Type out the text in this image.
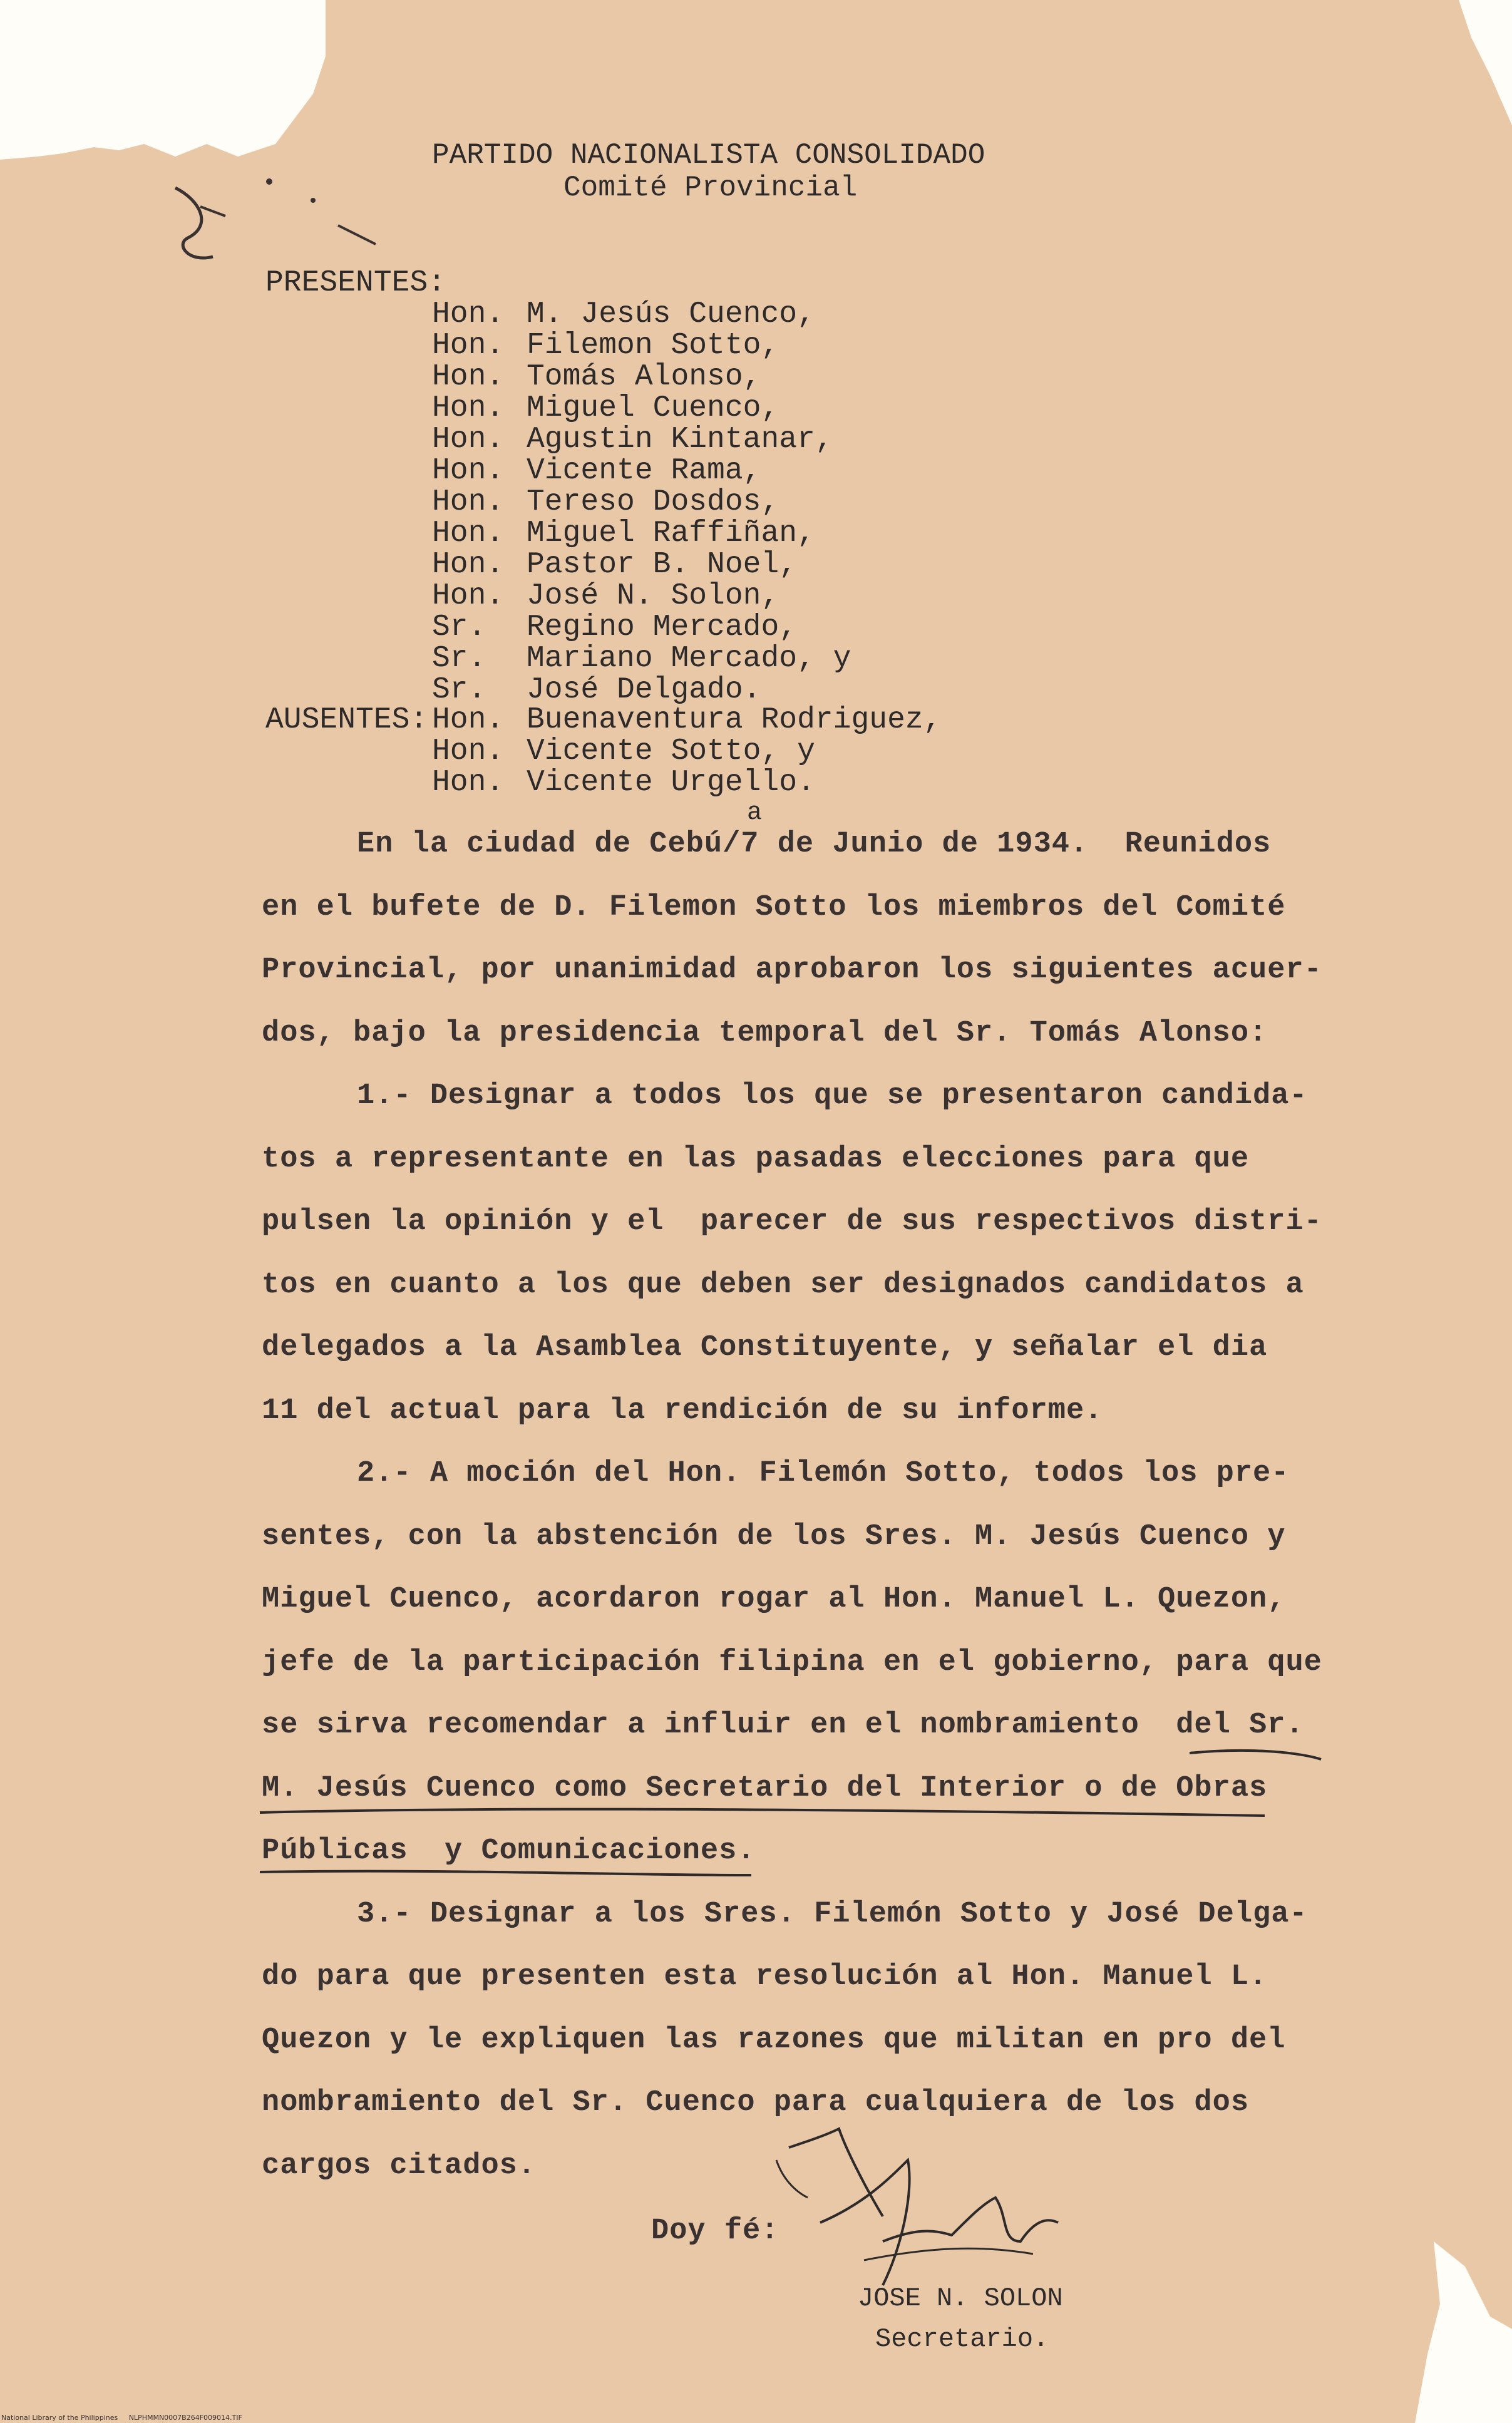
PARTIDO NACIONALISTA CONSOLIDADO
Comité Provincial
PRESENTES:
Hon. M. Jesús Cuenco,
Hon. Filemon Sotto,
Hon. Tomás Alonso,
Hon. Miguel Cuenco,
Hon. Agustin Kintanar,
Hon. Vicente Rama,
Hon. Tereso Dosdos,
Hon. Miguel Raffiñan,
Hon. Pastor B. Noel,
Hon. José N. Solon,
Sr. Regino Mercado,
Sr. Mariano Mercado, y
Sr. José Delgado.
AUSENTES: Hon. Buenaventura Rodriguez,
Hon. Vicente Sotto, y
Hon. Vicente Urgello.
a
En la ciudad de Cebú/7 de Junio de 1934.  Reunidos
en el bufete de D. Filemon Sotto los miembros del Comité
Provincial, por unanimidad aprobaron los siguientes acuer-
dos, bajo la presidencia temporal del Sr. Tomás Alonso:
1.- Designar a todos los que se presentaron candida-
tos a representante en las pasadas elecciones para que
pulsen la opinión y el  parecer de sus respectivos distri-
tos en cuanto a los que deben ser designados candidatos a
delegados a la Asamblea Constituyente, y señalar el dia
11 del actual para la rendición de su informe.
2.- A moción del Hon. Filemón Sotto, todos los pre-
sentes, con la abstención de los Sres. M. Jesús Cuenco y
Miguel Cuenco, acordaron rogar al Hon. Manuel L. Quezon,
jefe de la participación filipina en el gobierno, para que
se sirva recomendar a influir en el nombramiento  del Sr.
M. Jesús Cuenco como Secretario del Interior o de Obras
Públicas  y Comunicaciones.
3.- Designar a los Sres. Filemón Sotto y José Delga-
do para que presenten esta resolución al Hon. Manuel L.
Quezon y le expliquen las razones que militan en pro del
nombramiento del Sr. Cuenco para cualquiera de los dos
cargos citados.
Doy fé:
JOSE N. SOLON
Secretario.
National Library of the Philippines NLPHMMN0007B264F009014.TIF
